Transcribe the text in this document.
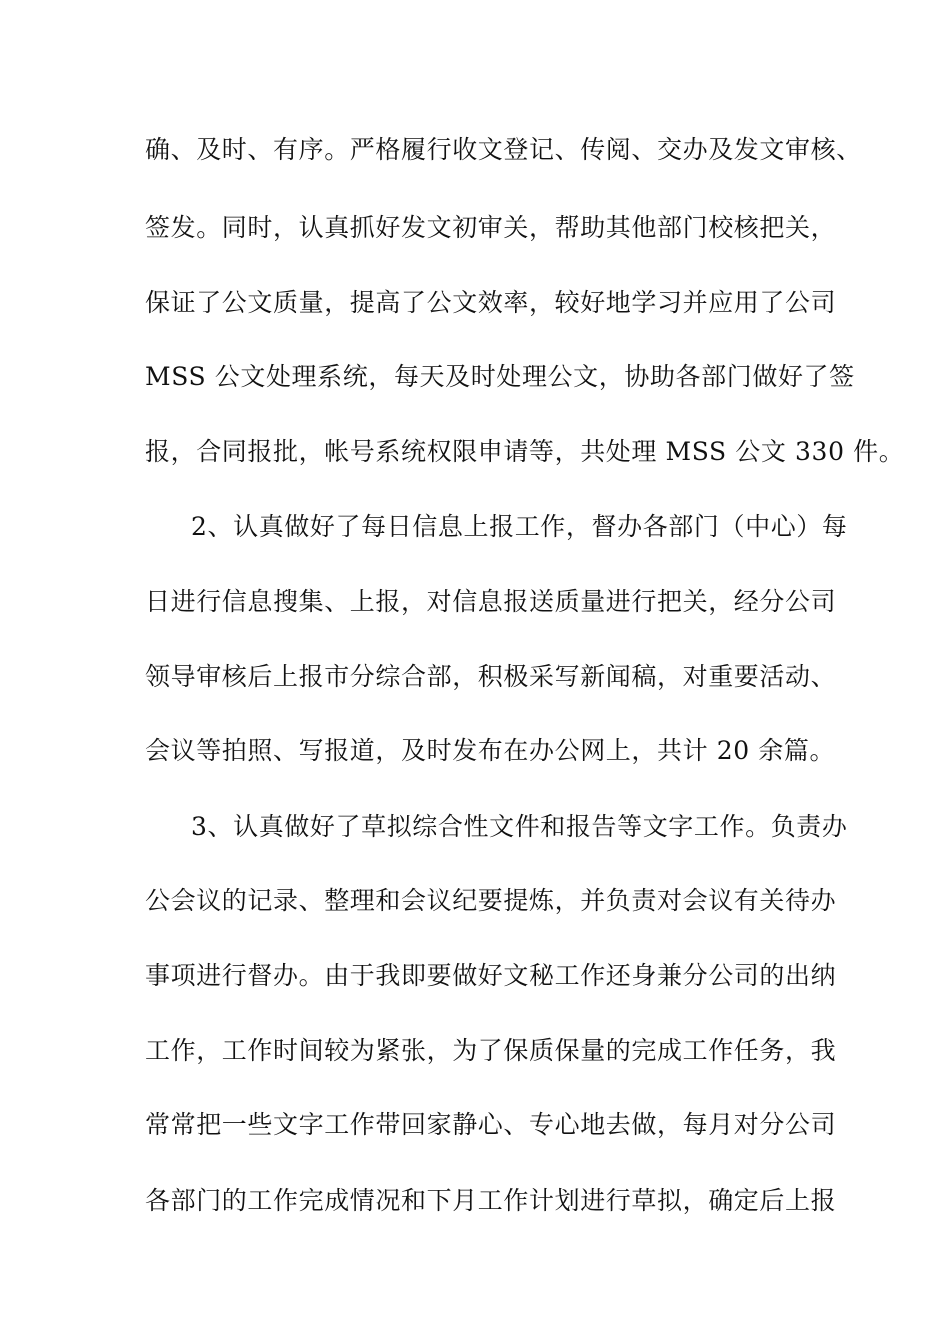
确、及时、有序。严格履行收文登记、传阅、交办及发文审核、
签发。同时，认真抓好发文初审关，帮助其他部门校核把关，
保证了公文质量，提高了公文效率，较好地学习并应用了公司
MSS 公文处理系统，每天及时处理公文，协助各部门做好了签
报，合同报批，帐号系统权限申请等，共处理 MSS 公文 330 件。
2、认真做好了每日信息上报工作，督办各部门（中心）每
日进行信息搜集、上报，对信息报送质量进行把关，经分公司
领导审核后上报市分综合部，积极采写新闻稿，对重要活动、
会议等拍照、写报道，及时发布在办公网上，共计 20 余篇。
3、认真做好了草拟综合性文件和报告等文字工作。负责办
公会议的记录、整理和会议纪要提炼，并负责对会议有关待办
事项进行督办。由于我即要做好文秘工作还身兼分公司的出纳
工作，工作时间较为紧张，为了保质保量的完成工作任务，我
常常把一些文字工作带回家静心、专心地去做，每月对分公司
各部门的工作完成情况和下月工作计划进行草拟，确定后上报
